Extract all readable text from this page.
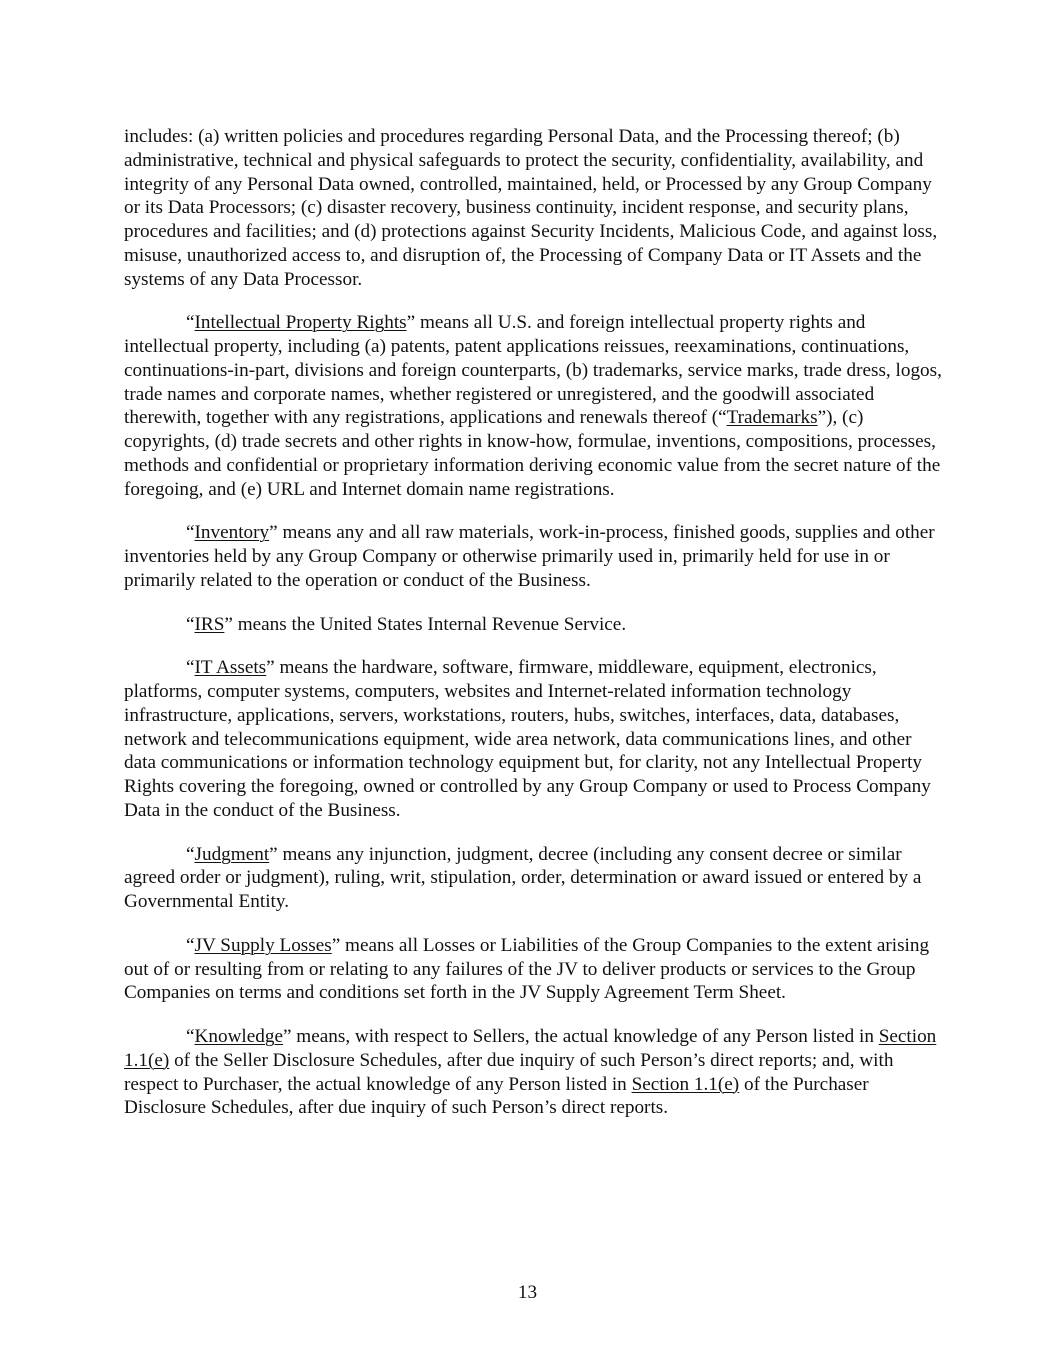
includes: (a) written policies and procedures regarding Personal Data, and the Processing thereof; (b) administrative, technical and physical safeguards to protect the security, confidentiality, availability, and integrity of any Personal Data owned, controlled, maintained, held, or Processed by any Group Company or its Data Processors; (c) disaster recovery, business continuity, incident response, and security plans, procedures and facilities; and (d) protections against Security Incidents, Malicious Code, and against loss, misuse, unauthorized access to, and disruption of, the Processing of Company Data or IT Assets and the systems of any Data Processor.

“Intellectual Property Rights” means all U.S. and foreign intellectual property rights and intellectual property, including (a) patents, patent applications reissues, reexaminations, continuations, continuations-in-part, divisions and foreign counterparts, (b) trademarks, service marks, trade dress, logos, trade names and corporate names, whether registered or unregistered, and the goodwill associated therewith, together with any registrations, applications and renewals thereof (“Trademarks”), (c) copyrights, (d) trade secrets and other rights in know-how, formulae, inventions, compositions, processes, methods and confidential or proprietary information deriving economic value from the secret nature of the foregoing, and (e) URL and Internet domain name registrations.

“Inventory” means any and all raw materials, work-in-process, finished goods, supplies and other inventories held by any Group Company or otherwise primarily used in, primarily held for use in or primarily related to the operation or conduct of the Business.

“IRS” means the United States Internal Revenue Service.

“IT Assets” means the hardware, software, firmware, middleware, equipment, electronics, platforms, computer systems, computers, websites and Internet-related information technology infrastructure, applications, servers, workstations, routers, hubs, switches, interfaces, data, databases, network and telecommunications equipment, wide area network, data communications lines, and other data communications or information technology equipment but, for clarity, not any Intellectual Property Rights covering the foregoing, owned or controlled by any Group Company or used to Process Company Data in the conduct of the Business.

“Judgment” means any injunction, judgment, decree (including any consent decree or similar agreed order or judgment), ruling, writ, stipulation, order, determination or award issued or entered by a Governmental Entity.

“JV Supply Losses” means all Losses or Liabilities of the Group Companies to the extent arising out of or resulting from or relating to any failures of the JV to deliver products or services to the Group Companies on terms and conditions set forth in the JV Supply Agreement Term Sheet.

“Knowledge” means, with respect to Sellers, the actual knowledge of any Person listed in Section 1.1(e) of the Seller Disclosure Schedules, after due inquiry of such Person’s direct reports; and, with respect to Purchaser, the actual knowledge of any Person listed in Section 1.1(e) of the Purchaser Disclosure Schedules, after due inquiry of such Person’s direct reports.

13
